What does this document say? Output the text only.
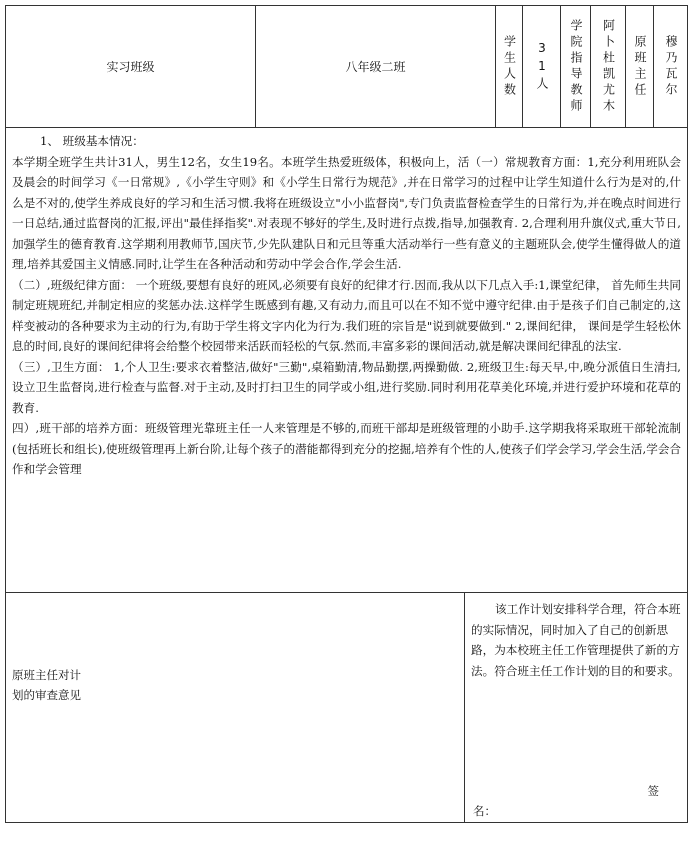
实习班级	八年级二班	学生人数 31人 学院指导教师 阿卜杜凯尤木 原班主任 穆乃瓦尔

1、 班级基本情况：

本学期全班学生共计31人，男生12名，女生19名。本班学生热爱班级体，积极向上，活（一）常规教育方面：1,充分利用班队会及晨会的时间学习《一日常规》,《小学生守则》和《小学生日常行为规范》,并在日常学习的过程中让学生知道什么行为是对的,什么是不对的,使学生养成良好的学习和生活习惯.我将在班级设立"小小监督岗",专门负责监督检查学生的日常行为,并在晚点时间进行一日总结,通过监督岗的汇报,评出"最佳择指奖".对表现不够好的学生,及时进行点拨,指导,加强教育. 2,合理利用升旗仪式,重大节日,加强学生的德育教育.这学期利用教师节,国庆节,少先队建队日和元旦等重大活动举行一些有意义的主题班队会,使学生懂得做人的道理,培养其爱国主义情感.同时,让学生在各种活动和劳动中学会合作,学会生活.

（二）,班级纪律方面： 一个班级,要想有良好的班风,必须要有良好的纪律才行.因而,我从以下几点入手:1,课堂纪律， 首先师生共同制定班规班纪,并制定相应的奖惩办法.这样学生既感到有趣,又有动力,而且可以在不知不觉中遵守纪律.由于是孩子们自己制定的,这样变被动的各种要求为主动的行为,有助于学生将文字内化为行为.我们班的宗旨是"说到就要做到." 2,课间纪律， 课间是学生轻松休息的时间,良好的课间纪律将会给整个校园带来活跃而轻松的气氛.然而,丰富多彩的课间活动,就是解决课间纪律乱的法宝.

（三）,卫生方面： 1,个人卫生:要求衣着整洁,做好"三勤",桌箱勤清,物品勤摆,两操勤做. 2,班级卫生:每天早,中,晚分派值日生清扫,设立卫生监督岗,进行检查与监督.对于主动,及时打扫卫生的同学或小组,进行奖励.同时利用花草美化环境,并进行爱护环境和花草的教育.

四）,班干部的培养方面：班级管理光靠班主任一人来管理是不够的,而班干部却是班级管理的小助手.这学期我将采取班干部轮流制(包括班长和组长),使班级管理再上新台阶,让每个孩子的潜能都得到充分的挖掘,培养有个性的人,使孩子们学会学习,学会生活,学会合作和学会管理

原班主任对计划的审查意见
该工作计划安排科学合理，符合本班的实际情况，同时加入了自己的创新思路，为本校班主任工作管理提供了新的方法。符合班主任工作计划的目的和要求。
签
名：
